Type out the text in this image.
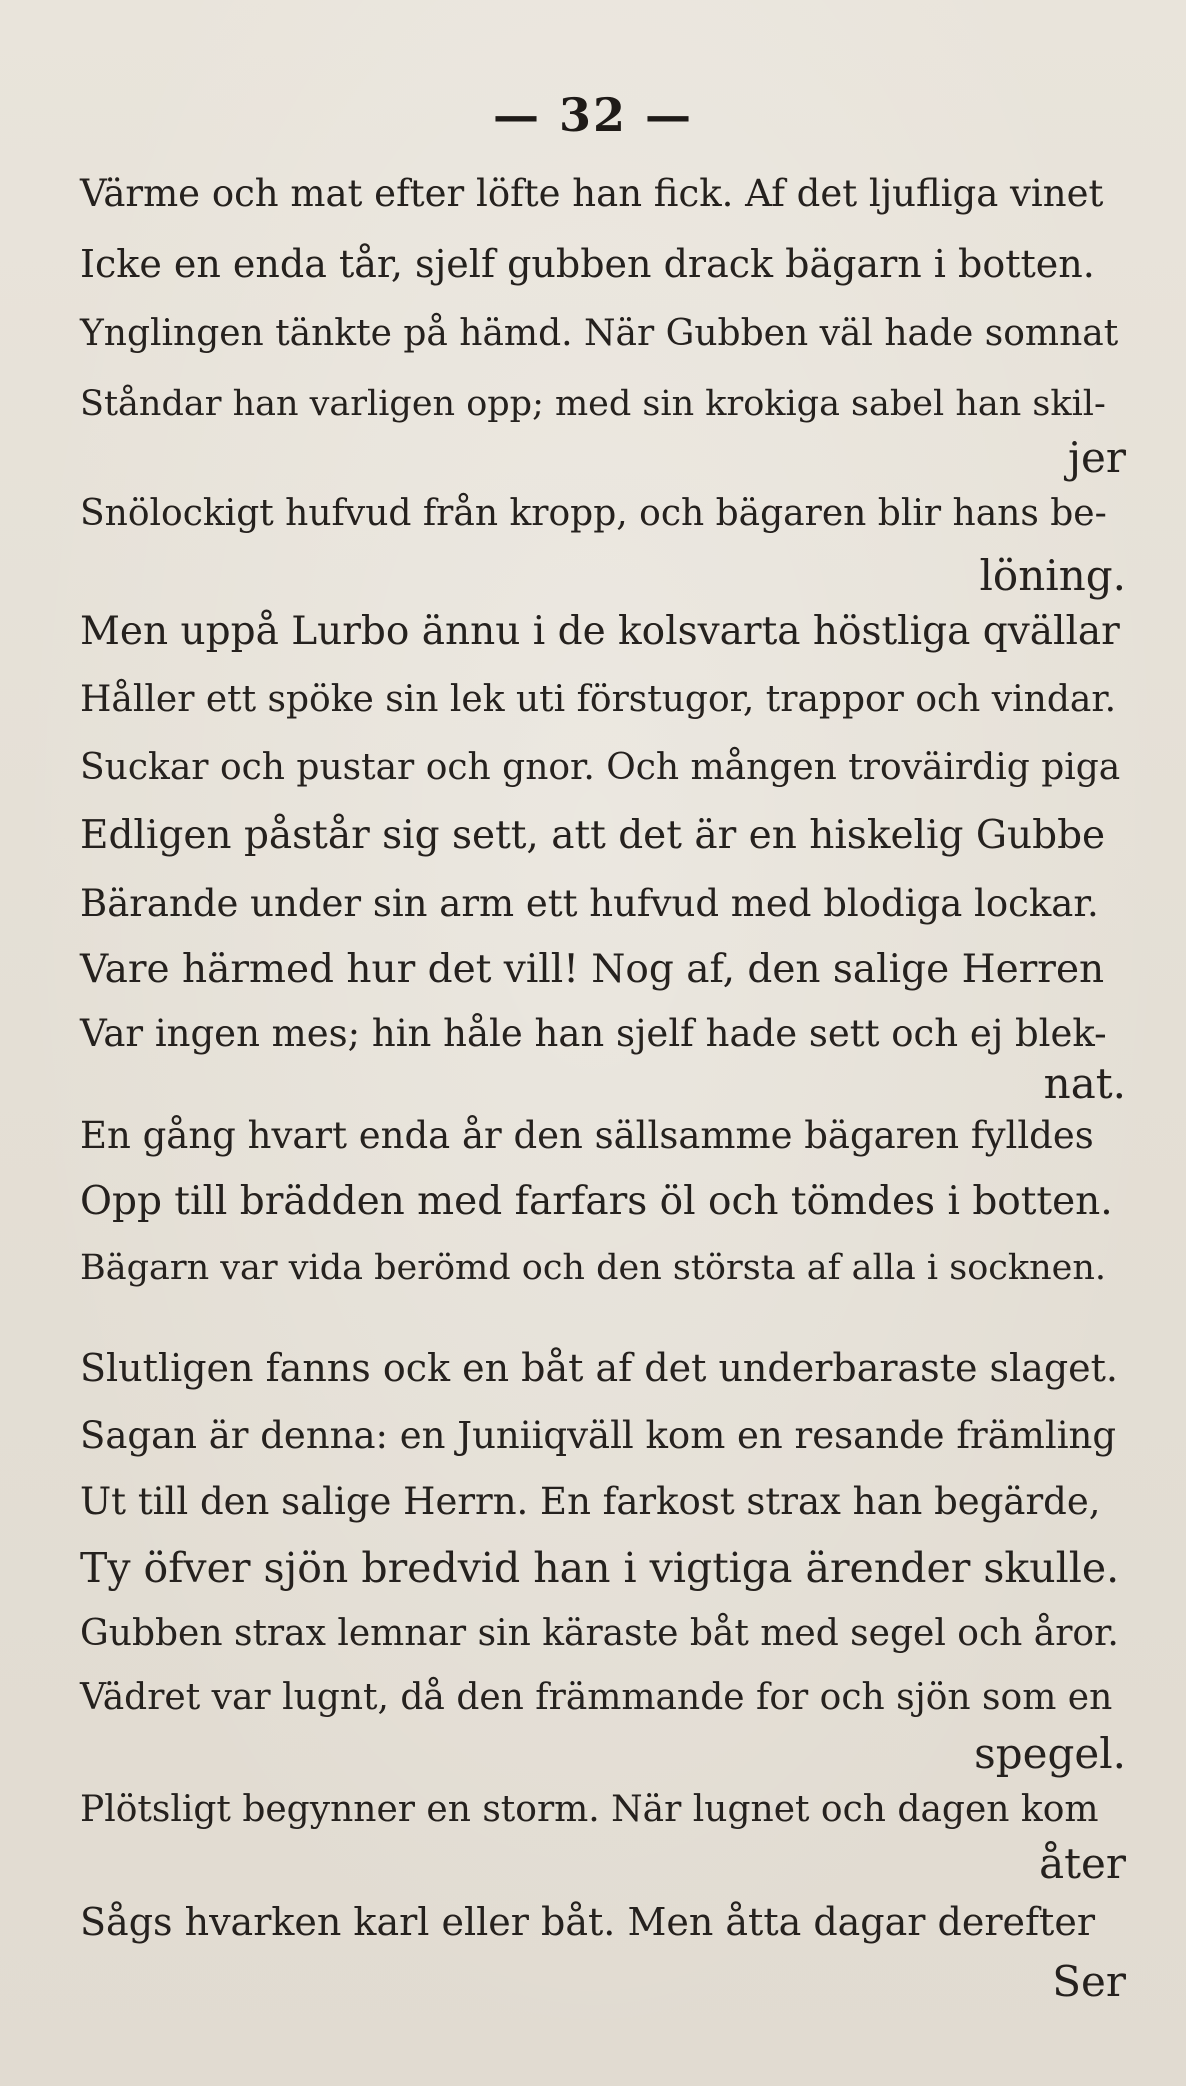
— 32 —
Värme och mat efter löfte han fick. Af det ljufliga vinet
Icke en enda tår, sjelf gubben drack bägarn i botten.
Ynglingen tänkte på hämd. När Gubben väl hade somnat
Ståndar han varligen opp; med sin krokiga sabel han skil-
jer
Snölockigt hufvud från kropp, och bägaren blir hans be-
löning.
Men uppå Lurbo ännu i de kolsvarta höstliga qvällar
Håller ett spöke sin lek uti förstugor, trappor och vindar.
Suckar och pustar och gnor. Och mången troväirdig piga
Edligen påstår sig sett, att det är en hiskelig Gubbe
Bärande under sin arm ett hufvud med blodiga lockar.
Vare härmed hur det vill! Nog af, den salige Herren
Var ingen mes; hin håle han sjelf hade sett och ej blek-
nat.
En gång hvart enda år den sällsamme bägaren fylldes
Opp till brädden med farfars öl och tömdes i botten.
Bägarn var vida berömd och den största af alla i socknen.
Slutligen fanns ock en båt af det underbaraste slaget.
Sagan är denna: en Juniiqväll kom en resande främling
Ut till den salige Herrn. En farkost strax han begärde,
Ty öfver sjön bredvid han i vigtiga ärender skulle.
Gubben strax lemnar sin käraste båt med segel och åror.
Vädret var lugnt, då den främmande for och sjön som en
spegel.
Plötsligt begynner en storm. När lugnet och dagen kom
åter
Sågs hvarken karl eller båt. Men åtta dagar derefter
Ser
